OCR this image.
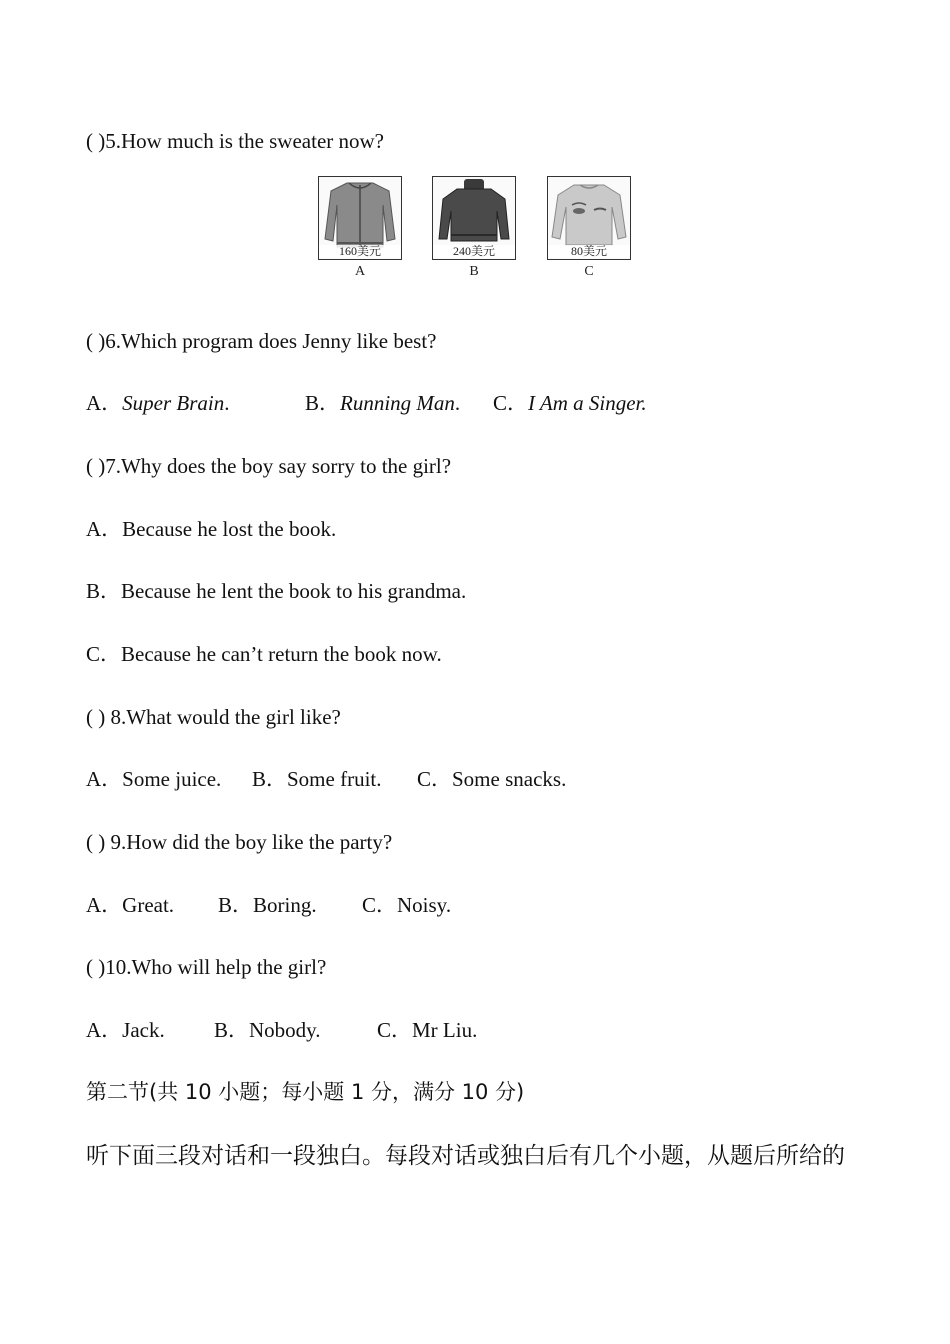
( )5.How much is the sweater now?
160美元
A
240美元
B
80美元
C
( )6.Which program does Jenny like best?
A．Super Brain.	B．Running Man. C．I Am a Singer.
( )7.Why does the boy say sorry to the girl?
A．Because he lost the book.
B．Because he lent the book to his grandma.
C．Because he can’t return the book now.
( ) 8.What would the girl like?
A．Some juice. B．Some fruit. C．Some snacks.
( ) 9.How did the boy like the party?
A．Great. B．Boring. C．Noisy.
( )10.Who will help the girl?
A．Jack. B．Nobody.	C．Mr Liu.
第二节(共 10 小题；每小题 1 分，满分 10 分)
听下面三段对话和一段独白。每段对话或独白后有几个小题，从题后所给的
